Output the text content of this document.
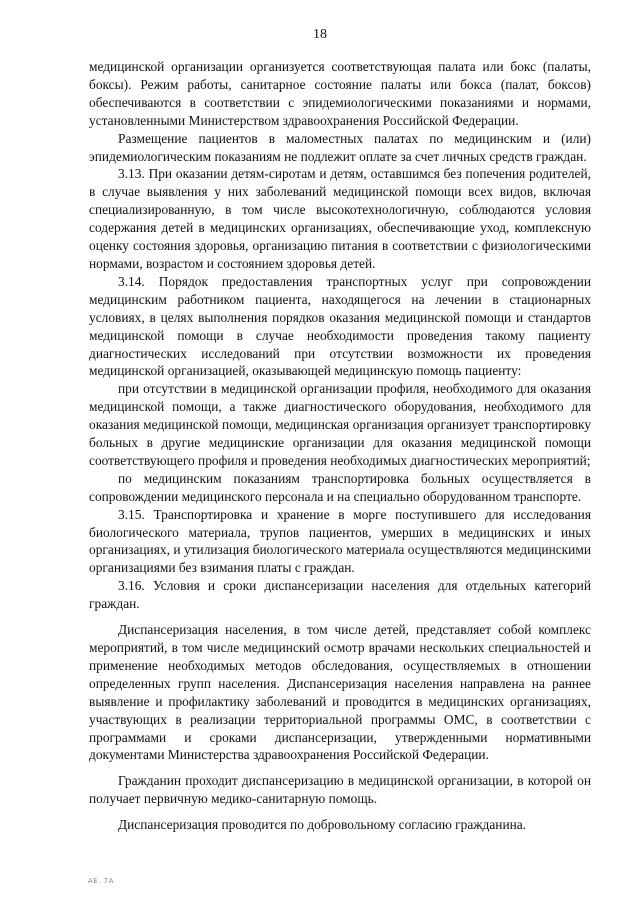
18

медицинской организации организуется соответствующая палата или бокс (палаты, боксы). Режим работы, санитарное состояние палаты или бокса (палат, боксов) обеспечиваются в соответствии с эпидемиологическими показаниями и нормами, установленными Министерством здравоохранения Российской Федерации.

Размещение пациентов в маломестных палатах по медицинским и (или) эпидемиологическим показаниям не подлежит оплате за счет личных средств граждан.

3.13. При оказании детям-сиротам и детям, оставшимся без попечения родителей, в случае выявления у них заболеваний медицинской помощи всех видов, включая специализированную, в том числе высокотехнологичную, соблюдаются условия содержания детей в медицинских организациях, обеспечивающие уход, комплексную оценку состояния здоровья, организацию питания в соответствии с физиологическими нормами, возрастом и состоянием здоровья детей.

3.14. Порядок предоставления транспортных услуг при сопровождении медицинским работником пациента, находящегося на лечении в стационарных условиях, в целях выполнения порядков оказания медицинской помощи и стандартов медицинской помощи в случае необходимости проведения такому пациенту диагностических исследований при отсутствии возможности их проведения медицинской организацией, оказывающей медицинскую помощь пациенту:

при отсутствии в медицинской организации профиля, необходимого для оказания медицинской помощи, а также диагностического оборудования, необходимого для оказания медицинской помощи, медицинская организация организует транспортировку больных в другие медицинские организации для оказания медицинской помощи соответствующего профиля и проведения необходимых диагностических мероприятий;

по медицинским показаниям транспортировка больных осуществляется в сопровождении медицинского персонала и на специально оборудованном транспорте.

3.15. Транспортировка и хранение в морге поступившего для исследования биологического материала, трупов пациентов, умерших в медицинских и иных организациях, и утилизация биологического материала осуществляются медицинскими организациями без взимания платы с граждан.

3.16. Условия и сроки диспансеризации населения для отдельных категорий граждан.

Диспансеризация населения, в том числе детей, представляет собой комплекс мероприятий, в том числе медицинский осмотр врачами нескольких специальностей и применение необходимых методов обследования, осуществляемых в отношении определенных групп населения. Диспансеризация населения направлена на раннее выявление и профилактику заболеваний и проводится в медицинских организациях, участвующих в реализации территориальной программы ОМС, в соответствии с программами и сроками диспансеризации, утвержденными нормативными документами Министерства здравоохранения Российской Федерации.

Гражданин проходит диспансеризацию в медицинской организации, в которой он получает первичную медико-санитарную помощь.

Диспансеризация проводится по добровольному согласию гражданина.

AE. 7A
